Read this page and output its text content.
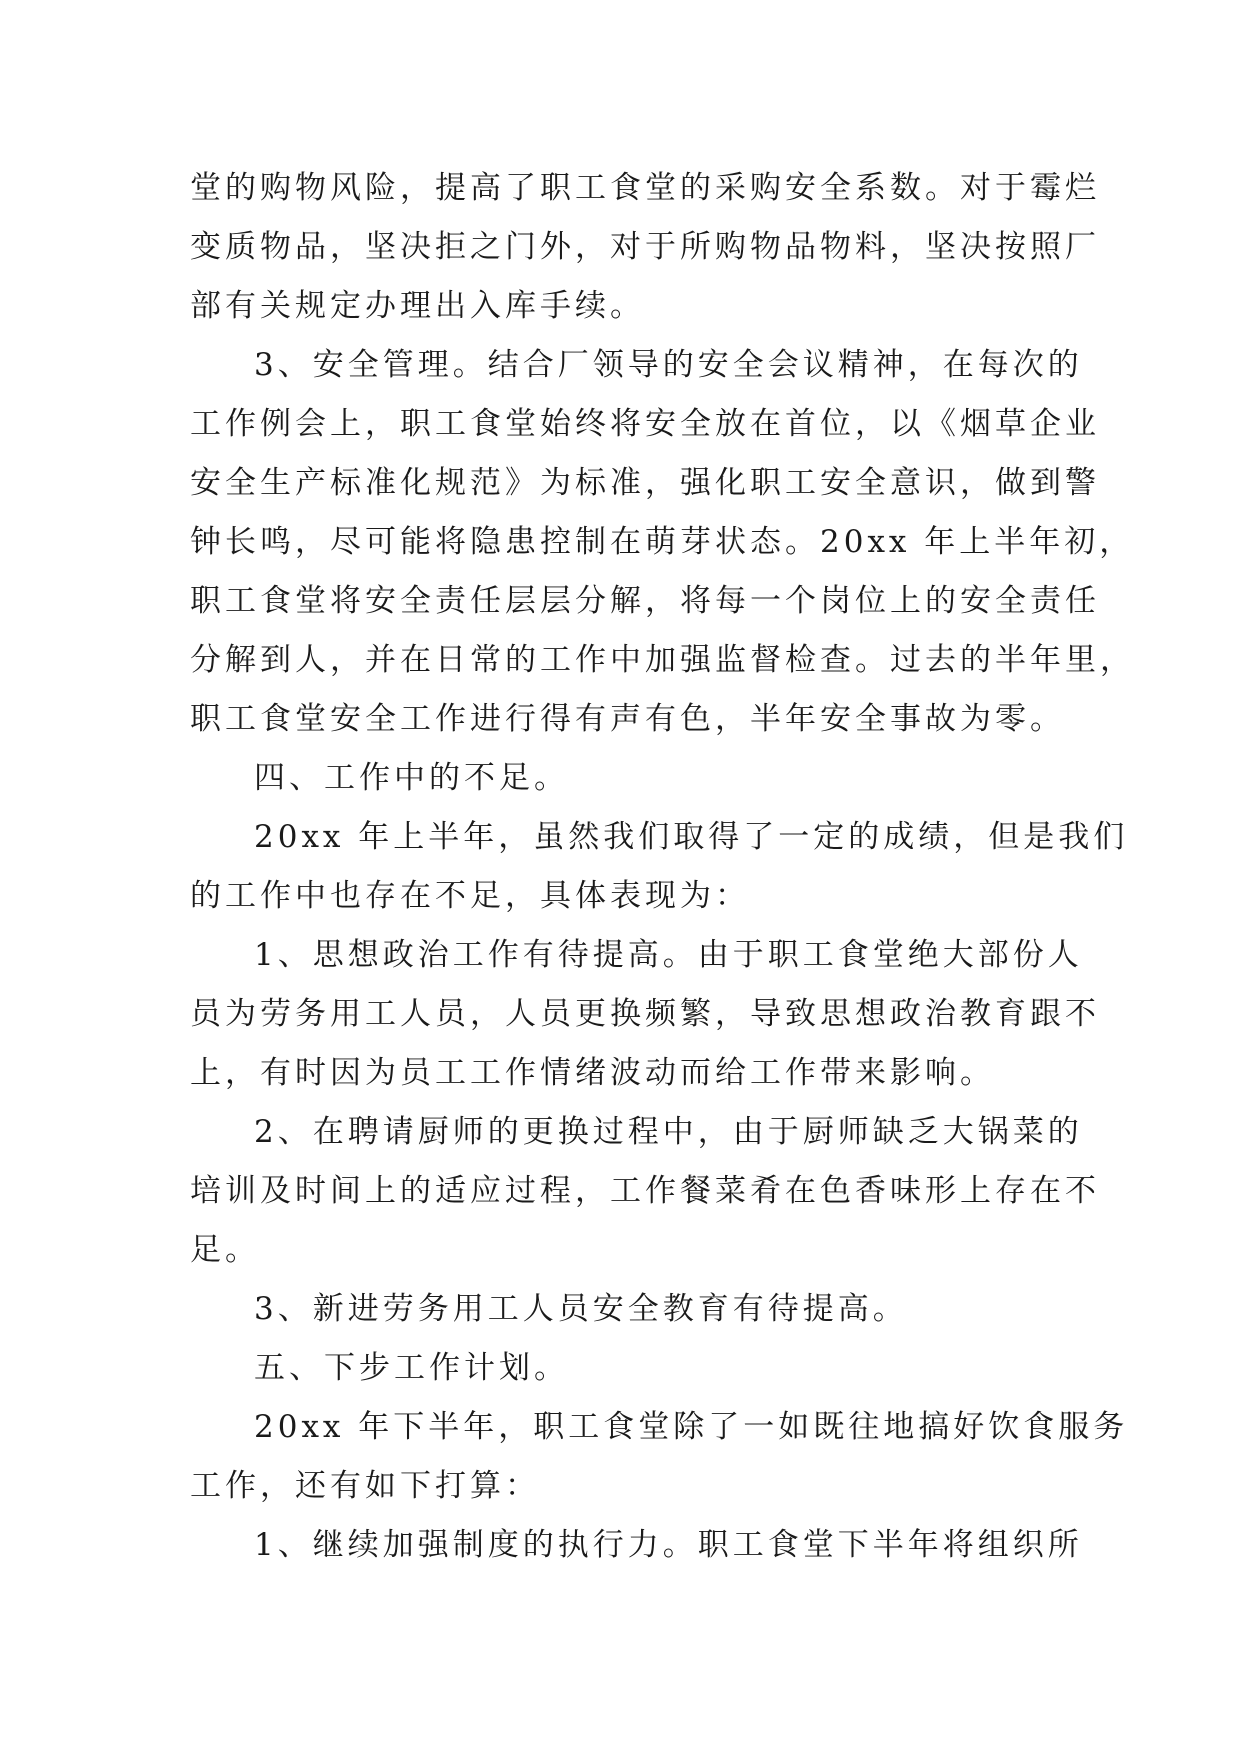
堂的购物风险，提高了职工食堂的采购安全系数。对于霉烂
变质物品，坚决拒之门外，对于所购物品物料，坚决按照厂
部有关规定办理出入库手续。
3、安全管理。结合厂领导的安全会议精神，在每次的
工作例会上，职工食堂始终将安全放在首位，以《烟草企业
安全生产标准化规范》为标准，强化职工安全意识，做到警
钟长鸣，尽可能将隐患控制在萌芽状态。20xx 年上半年初，
职工食堂将安全责任层层分解，将每一个岗位上的安全责任
分解到人，并在日常的工作中加强监督检查。过去的半年里，
职工食堂安全工作进行得有声有色，半年安全事故为零。
四、工作中的不足。
20xx 年上半年，虽然我们取得了一定的成绩，但是我们
的工作中也存在不足，具体表现为：
1、思想政治工作有待提高。由于职工食堂绝大部份人
员为劳务用工人员，人员更换频繁，导致思想政治教育跟不
上，有时因为员工工作情绪波动而给工作带来影响。
2、在聘请厨师的更换过程中，由于厨师缺乏大锅菜的
培训及时间上的适应过程，工作餐菜肴在色香味形上存在不
足。
3、新进劳务用工人员安全教育有待提高。
五、下步工作计划。
20xx 年下半年，职工食堂除了一如既往地搞好饮食服务
工作，还有如下打算：
1、继续加强制度的执行力。职工食堂下半年将组织所
